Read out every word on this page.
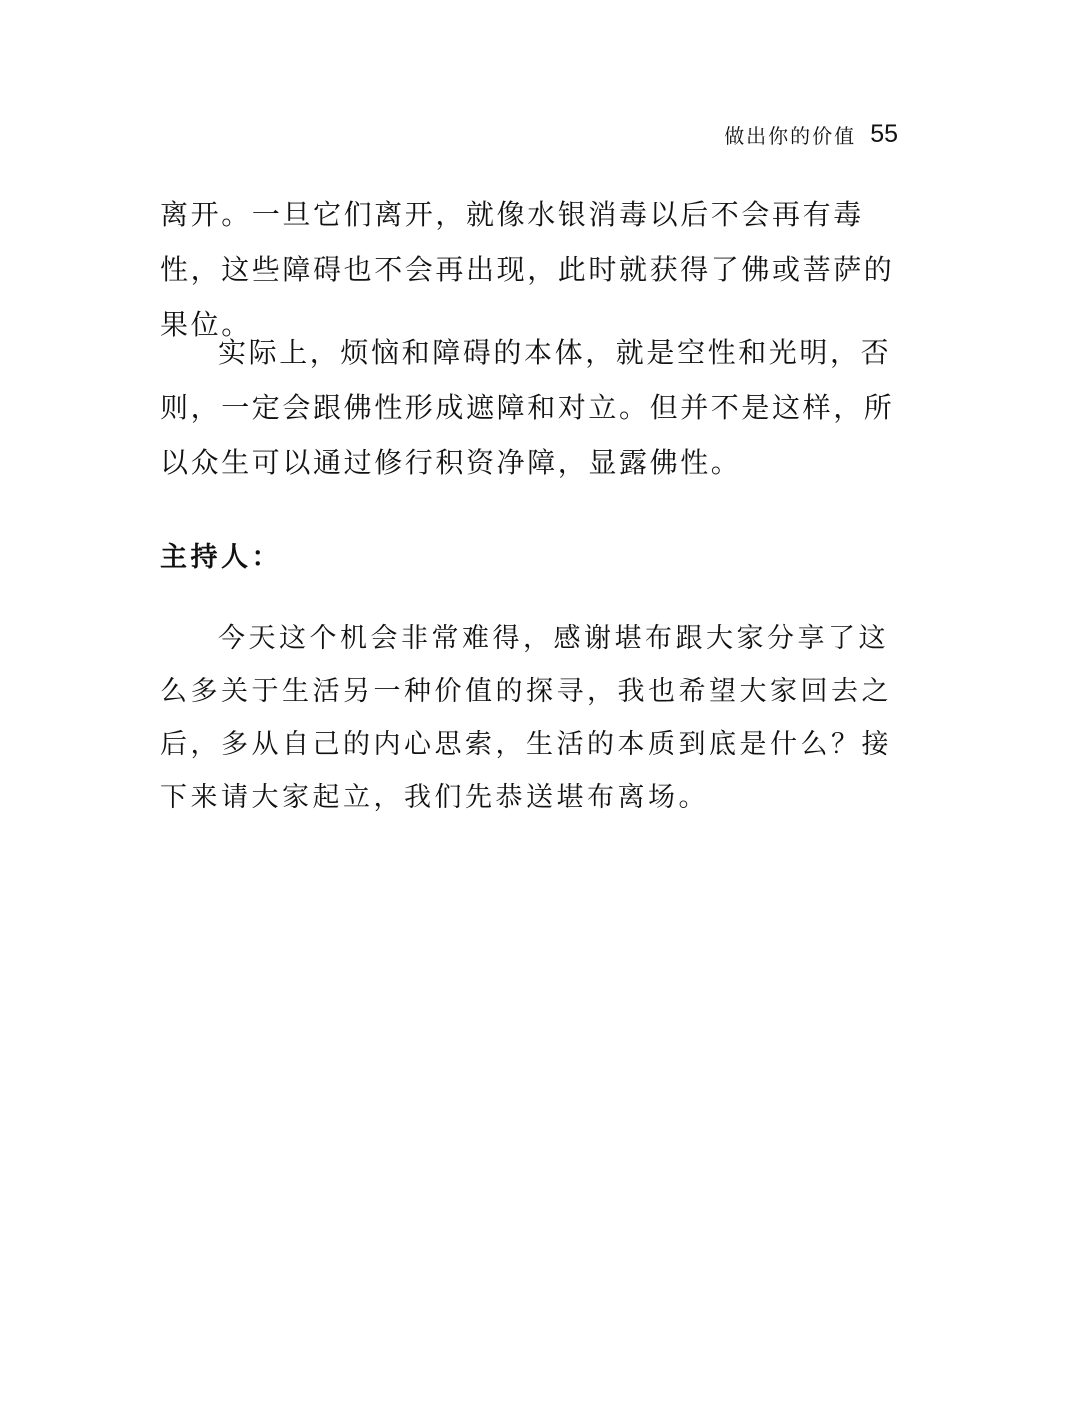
做出你的价值 55

离开。一旦它们离开，就像水银消毒以后不会再有毒性，这些障碍也不会再出现，此时就获得了佛或菩萨的果位。

实际上，烦恼和障碍的本体，就是空性和光明，否则，一定会跟佛性形成遮障和对立。但并不是这样，所以众生可以通过修行积资净障，显露佛性。

主持人：

今天这个机会非常难得，感谢堪布跟大家分享了这么多关于生活另一种价值的探寻，我也希望大家回去之后，多从自己的内心思索，生活的本质到底是什么？接下来请大家起立，我们先恭送堪布离场。
